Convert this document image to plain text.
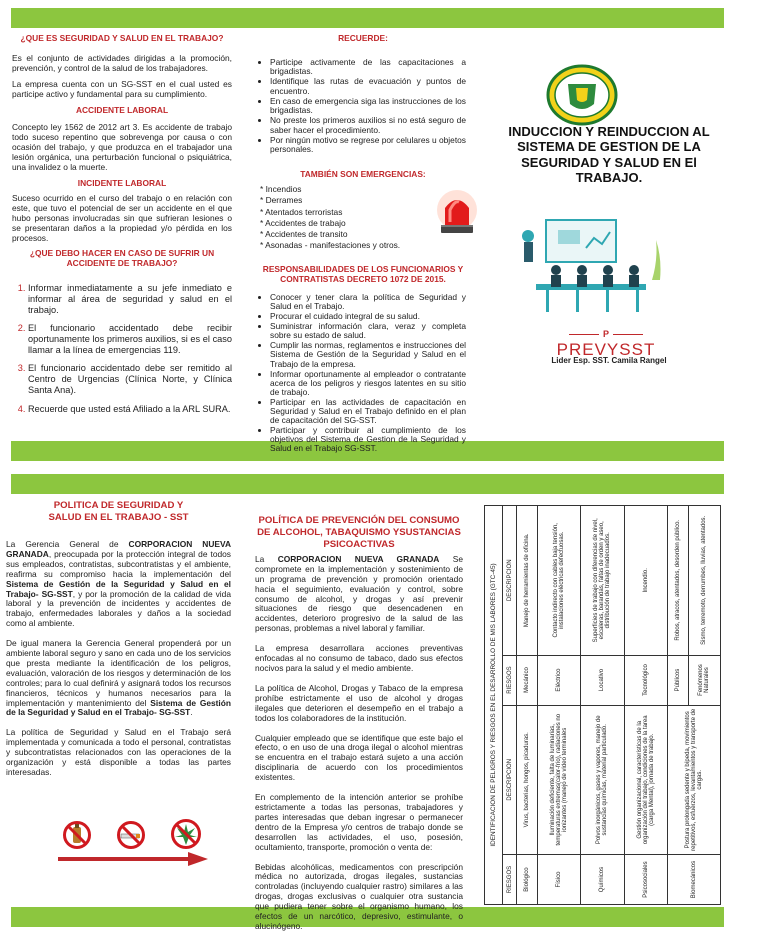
¿QUE ES SEGURIDAD Y SALUD EN EL TRABAJO?

Es el conjunto de actividades dirigidas a la promoción, prevención, y control de la salud de los trabajadores.

La empresa cuenta con un SG-SST en el cual usted es participe activo y fundamental para su cumplimiento.

ACCIDENTE LABORAL

Concepto ley 1562 de 2012 art 3. Es accidente de trabajo todo suceso repentino que sobrevenga por causa o con ocasión del trabajo, y que produzca en el trabajador una lesión orgánica, una perturbación funcional o psiquiátrica, una invalidez o la muerte.

INCIDENTE LABORAL

Suceso ocurrido en el curso del trabajo o en relación con este, que tuvo el potencial de ser un accidente en el que hubo personas involucradas sin que sufrieran lesiones o se presentaran daños a la propiedad y/o pérdida en los procesos.

¿QUE DEBO HACER EN CASO DE SUFRIR UN ACCIDENTE DE TRABAJO?
1. Informar inmediatamente a su jefe inmediato e informar al área de seguridad y salud en el trabajo.
2. El funcionario accidentado debe recibir oportunamente los primeros auxilios, si es el caso llamar a la línea de emergencias 119.
3. El funcionario accidentado debe ser remitido al Centro de Urgencias (Clínica Norte, y Clínica Santa Ana).
4. Recuerde que usted está Afiliado a la ARL SURA.
RECUERDE:
• Participe activamente de las capacitaciones a brigadistas.
• Identifique las rutas de evacuación y puntos de encuentro.
• En caso de emergencia siga las instrucciones de los brigadistas.
• No preste los primeros auxilios si no está seguro de saber hacer el procedimiento.
• Por ningún motivo se regrese por celulares u objetos personales.
TAMBIÉN SON EMERGENCIAS:
* Incendios
* Derrames
* Atentados terroristas
* Accidentes de trabajo
* Accidentes de transito
* Asonadas - manifestaciones y otros.
RESPONSABILIDADES DE LOS FUNCIONARIOS Y CONTRATISTAS DECRETO 1072 DE 2015.
• Conocer y tener clara la política de Seguridad y Salud en el Trabajo.
• Procurar el cuidado integral de su salud.
• Suministrar información clara, veraz y completa sobre su estado de salud.
• Cumplir las normas, reglamentos e instrucciones del Sistema de Gestión de la Seguridad y Salud en el Trabajo de la empresa.
• Informar oportunamente al empleador o contratante acerca de los peligros y riesgos latentes en su sitio de trabajo.
• Participar en las actividades de capacitación en Seguridad y Salud en el Trabajo definido en el plan de capacitación del SG-SST.
• Participar y contribuir al cumplimiento de los objetivos del Sistema de Gestion de la Seguridad y Salud en el Trabajo SG-SST.
INDUCCION Y REINDUCCION AL SISTEMA DE GESTION DE LA SEGURIDAD Y SALUD EN El TRABAJO.
P
PREVYSST
Lider Esp. SST. Camila Rangel
POLITICA DE SEGURIDAD Y SALUD EN EL TRABAJO - SST

La Gerencia General de CORPORACION NUEVA GRANADA, preocupada por la protección integral de todos sus empleados, contratistas, subcontratistas y el ambiente, reafirma su compromiso hacia la implementación del Sistema de Gestión de la Seguridad y Salud en el Trabajo- SG-SST, y por la promoción de la calidad de vida laboral y la prevención de incidentes y accidentes de trabajo, enfermedades laborales y daños a la sociedad como al ambiente.

De igual manera la Gerencia General propenderá por un ambiente laboral seguro y sano en cada uno de los servicios que presta mediante la identificación de los peligros, evaluación, valoración de los riesgos y determinación de los controles; para lo cual definirá y asignará todos los recursos financieros, técnicos y humanos necesarios para la implementación y mantenimiento del Sistema de Gestión de la Seguridad y Salud en el Trabajo- SG-SST.

La política de Seguridad y Salud en el Trabajo será implementada y comunicada a todo el personal, contratistas y subcontratistas relacionados con las operaciones de la organización y está disponible a todas las partes interesadas.

POLÍTICA DE PREVENCIÓN DEL CONSUMO DE ALCOHOL, TABAQUISMO YSUSTANCIAS PSICOACTIVAS

La CORPORACION NUEVA GRANADA Se compromete en la implementación y sostenimiento de un programa de prevención y promoción orientado hacia el seguimiento, evaluación y control, sobre consumo de alcohol, y drogas y así prevenir situaciones de riesgo que desencadenen en accidentes, deterioro progresivo de la salud de las personas, problemas a nivel laboral y familiar.

La empresa desarrollara acciones preventivas enfocadas al no consumo de tabaco, dado sus efectos nocivos para la salud y el medio ambiente.

La política de Alcohol, Drogas y Tabaco de la empresa prohíbe estrictamente el uso de alcohol y drogas ilegales que deterioren el desempeño en el trabajo a todos los colaboradores de la institución.

Cualquier empleado que se identifique que este bajo el efecto, o en uso de una droga ilegal o alcohol mientras se encuentra en el trabajo estará sujeto a una acción disciplinaria de acuerdo con los procedimientos existentes.

En complemento de la intención anterior se prohíbe estrictamente a todas las personas, trabajadores y partes interesadas que deban ingresar o permanecer dentro de la Empresa y/o centros de trabajo donde se desarrollen las actividades, el uso, posesión, ocultamiento, transporte, promoción o venta de:

Bebidas alcohólicas, medicamentos con prescripción médica no autorizada, drogas ilegales, sustancias controladas (incluyendo cualquier rastro) similares a las drogas, drogas exclusivas o cualquier otra sustancia que pudiera tener sobre el organismo humano, los efectos de un narcótico, depresivo, estimulante, o alucinógeno.

IDENTIFICACION DE PELIGROS Y RIESGOS EN EL DESARROLLO DE MIS LABORES (GTC-45)			
RIESGOS	DESCRIPCION	RIESGOS	DESCRIPCION
Biológico	Virus, bacterias, hongos, picaduras.	Mecánico	Manejo de herramientas de oficina.
Físico	Iluminación deficiente, falta de luminarias, temperaturas extremas(calor-frío), radiaciones no ionizantes (manejo de video terminales	Eléctrico	Contacto indirecto con cables baja tensión, instalaciones eléctricas defectuosas.
Químicos	Polvos inorgánicos, gases y vapores, manejo de sustancias químicas, material particulado.	Locativo	Superficies de trabajo con diferencias de nivel, escaleras, barandas, faltas de orden y aseo, distribución de trabajo inadecuados.
Psicosociales	Gestión organizacional, características de la organización del trabajo, condiciones de la tarea (carga Mental), jornada de trabajo.	Tecnológico	Incendio.
Biomecánicos	Postura prolongada sedente y bípeda, movimientos repetitivos, esfuerzos, levantamientos y transporte de cargas.	Públicos	Robos, atracos, atentados, desorden público.
		Fenómenos Naturales	Sismo, terremoto, derrumbes, lluvias, atentados.
